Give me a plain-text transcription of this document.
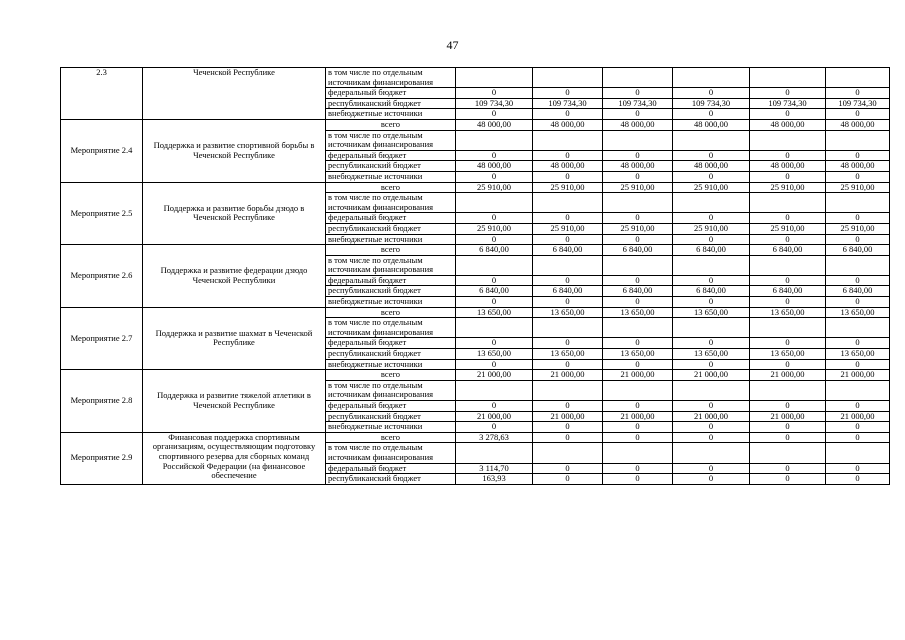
47
2.3	Чеченской Республике	в том числе по отдельным источникам финансирования						
		федеральный бюджет	0	0	0	0	0	0
		республиканский бюджет	109 734,30	109 734,30	109 734,30	109 734,30	109 734,30	109 734,30
		внебюджетные источники	0	0	0	0	0	0
Мероприятие 2.4	Поддержка и развитие спортивной борьбы в Чеченской Республике	всего	48 000,00	48 000,00	48 000,00	48 000,00	48 000,00	48 000,00
		в том числе по отдельным источникам финансирования						
		федеральный бюджет	0	0	0	0	0	0
		республиканский бюджет	48 000,00	48 000,00	48 000,00	48 000,00	48 000,00	48 000,00
		внебюджетные источники	0	0	0	0	0	0
Мероприятие 2.5	Поддержка и развитие борьбы дзюдо в Чеченской Республике	всего	25 910,00	25 910,00	25 910,00	25 910,00	25 910,00	25 910,00
		в том числе по отдельным источникам финансирования						
		федеральный бюджет	0	0	0	0	0	0
		республиканский бюджет	25 910,00	25 910,00	25 910,00	25 910,00	25 910,00	25 910,00
		внебюджетные источники	0	0	0	0	0	0
Мероприятие 2.6	Поддержка и развитие федерации дзюдо Чеченской Республики	всего	6 840,00	6 840,00	6 840,00	6 840,00	6 840,00	6 840,00
		в том числе по отдельным источникам финансирования						
		федеральный бюджет	0	0	0	0	0	0
		республиканский бюджет	6 840,00	6 840,00	6 840,00	6 840,00	6 840,00	6 840,00
		внебюджетные источники	0	0	0	0	0	0
Мероприятие 2.7	Поддержка и развитие шахмат в Чеченской Республике	всего	13 650,00	13 650,00	13 650,00	13 650,00	13 650,00	13 650,00
		в том числе по отдельным источникам финансирования						
		федеральный бюджет	0	0	0	0	0	0
		республиканский бюджет	13 650,00	13 650,00	13 650,00	13 650,00	13 650,00	13 650,00
		внебюджетные источники	0	0	0	0	0	0
Мероприятие 2.8	Поддержка и развитие тяжелой атлетики в Чеченской Республике	всего	21 000,00	21 000,00	21 000,00	21 000,00	21 000,00	21 000,00
		в том числе по отдельным источникам финансирования						
		федеральный бюджет	0	0	0	0	0	0
		республиканский бюджет	21 000,00	21 000,00	21 000,00	21 000,00	21 000,00	21 000,00
		внебюджетные источники	0	0	0	0	0	0
Мероприятие 2.9	Финансовая поддержка спортивным организациям, осуществляющим подготовку спортивного резерва для сборных команд Российской Федерации (на финансовое обеспечение	всего	3 278,63	0	0	0	0	0
		в том числе по отдельным источникам финансирования						
		федеральный бюджет	3 114,70	0	0	0	0	0
		республиканский бюджет	163,93	0	0	0	0	0
